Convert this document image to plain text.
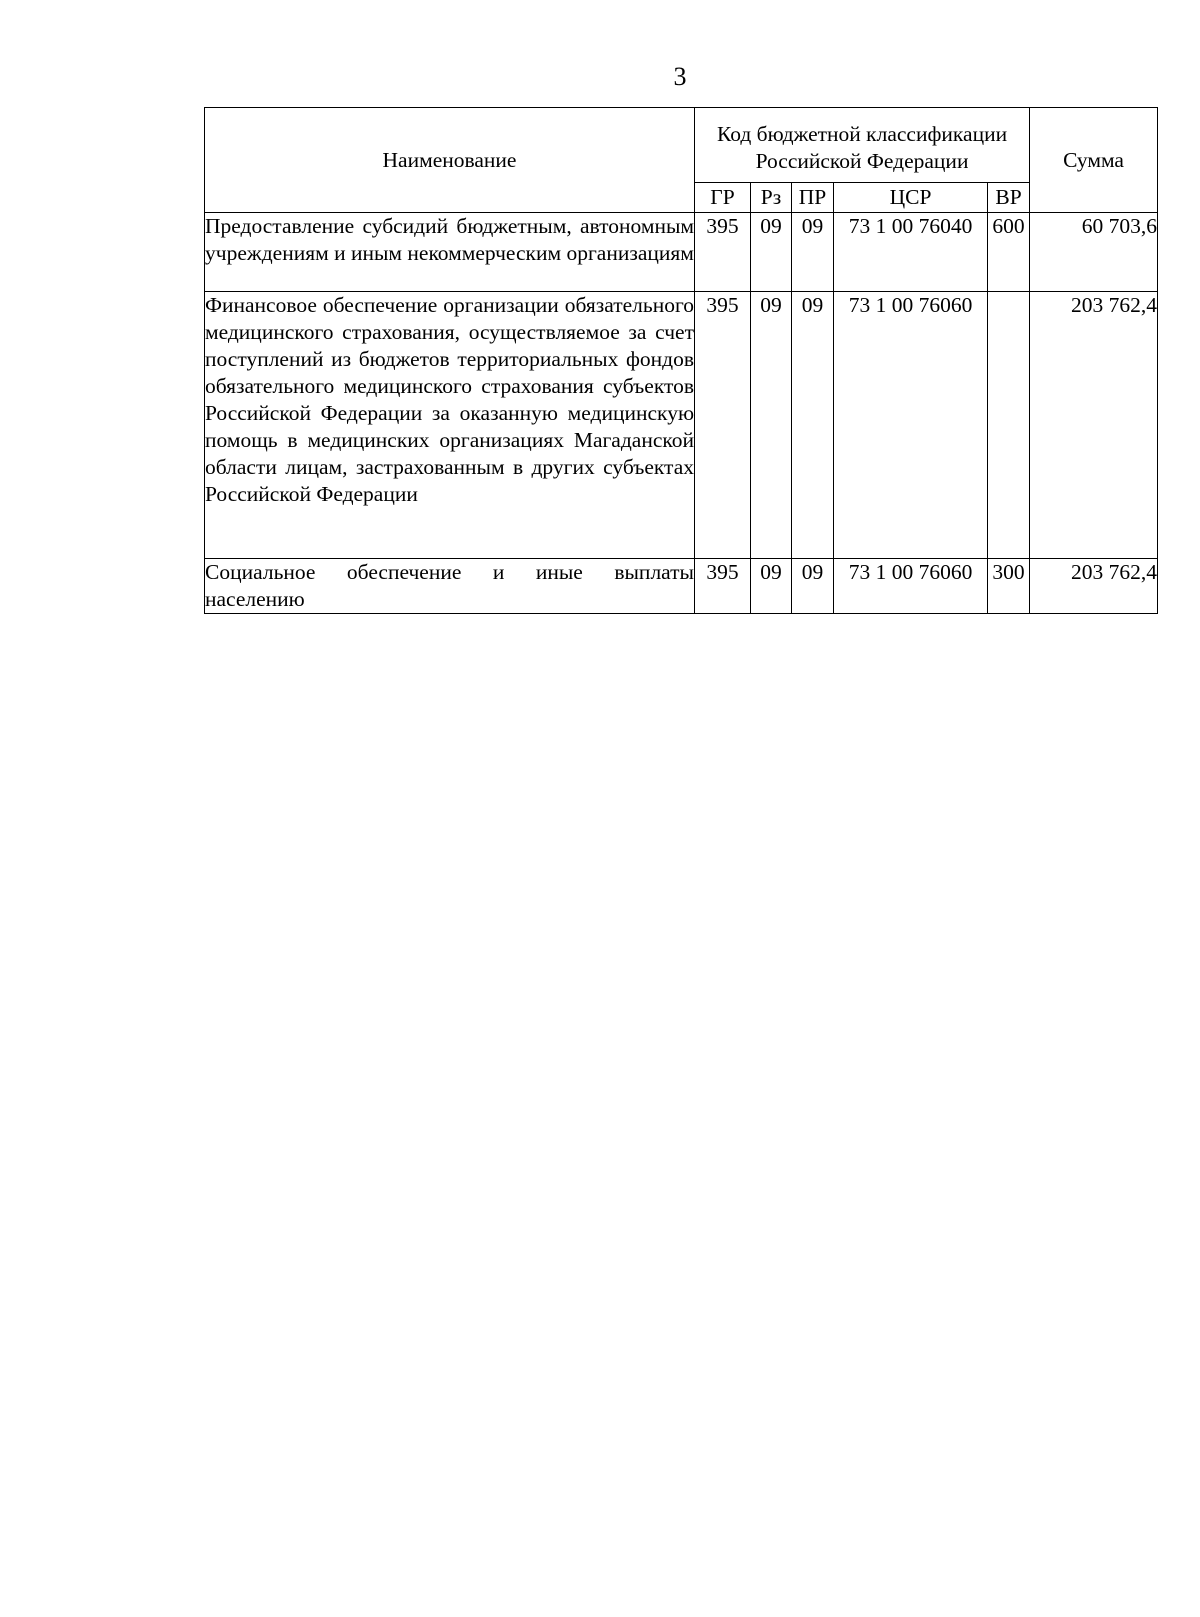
3
Наименование	Код бюджетной классификации Российской Федерации					Сумма
	ГР	Рз	ПР	ЦСР	ВР	
Предоставление субсидий бюджетным, автономным учреждениям и иным некоммерческим организациям	395	09	09	73 1 00 76040	600	60 703,6
Финансовое обеспечение организации обязательного медицинского страхования, осуществляемое за счет поступлений из бюджетов территориальных фондов обязательного медицинского страхования субъектов Российской Федерации за оказанную медицинскую помощь в медицинских организациях Магаданской области лицам, застрахованным в других субъектах Российской Федерации	395	09	09	73 1 00 76060		203 762,4
Социальное обеспечение и иные выплаты населению	395	09	09	73 1 00 76060	300	203 762,4
